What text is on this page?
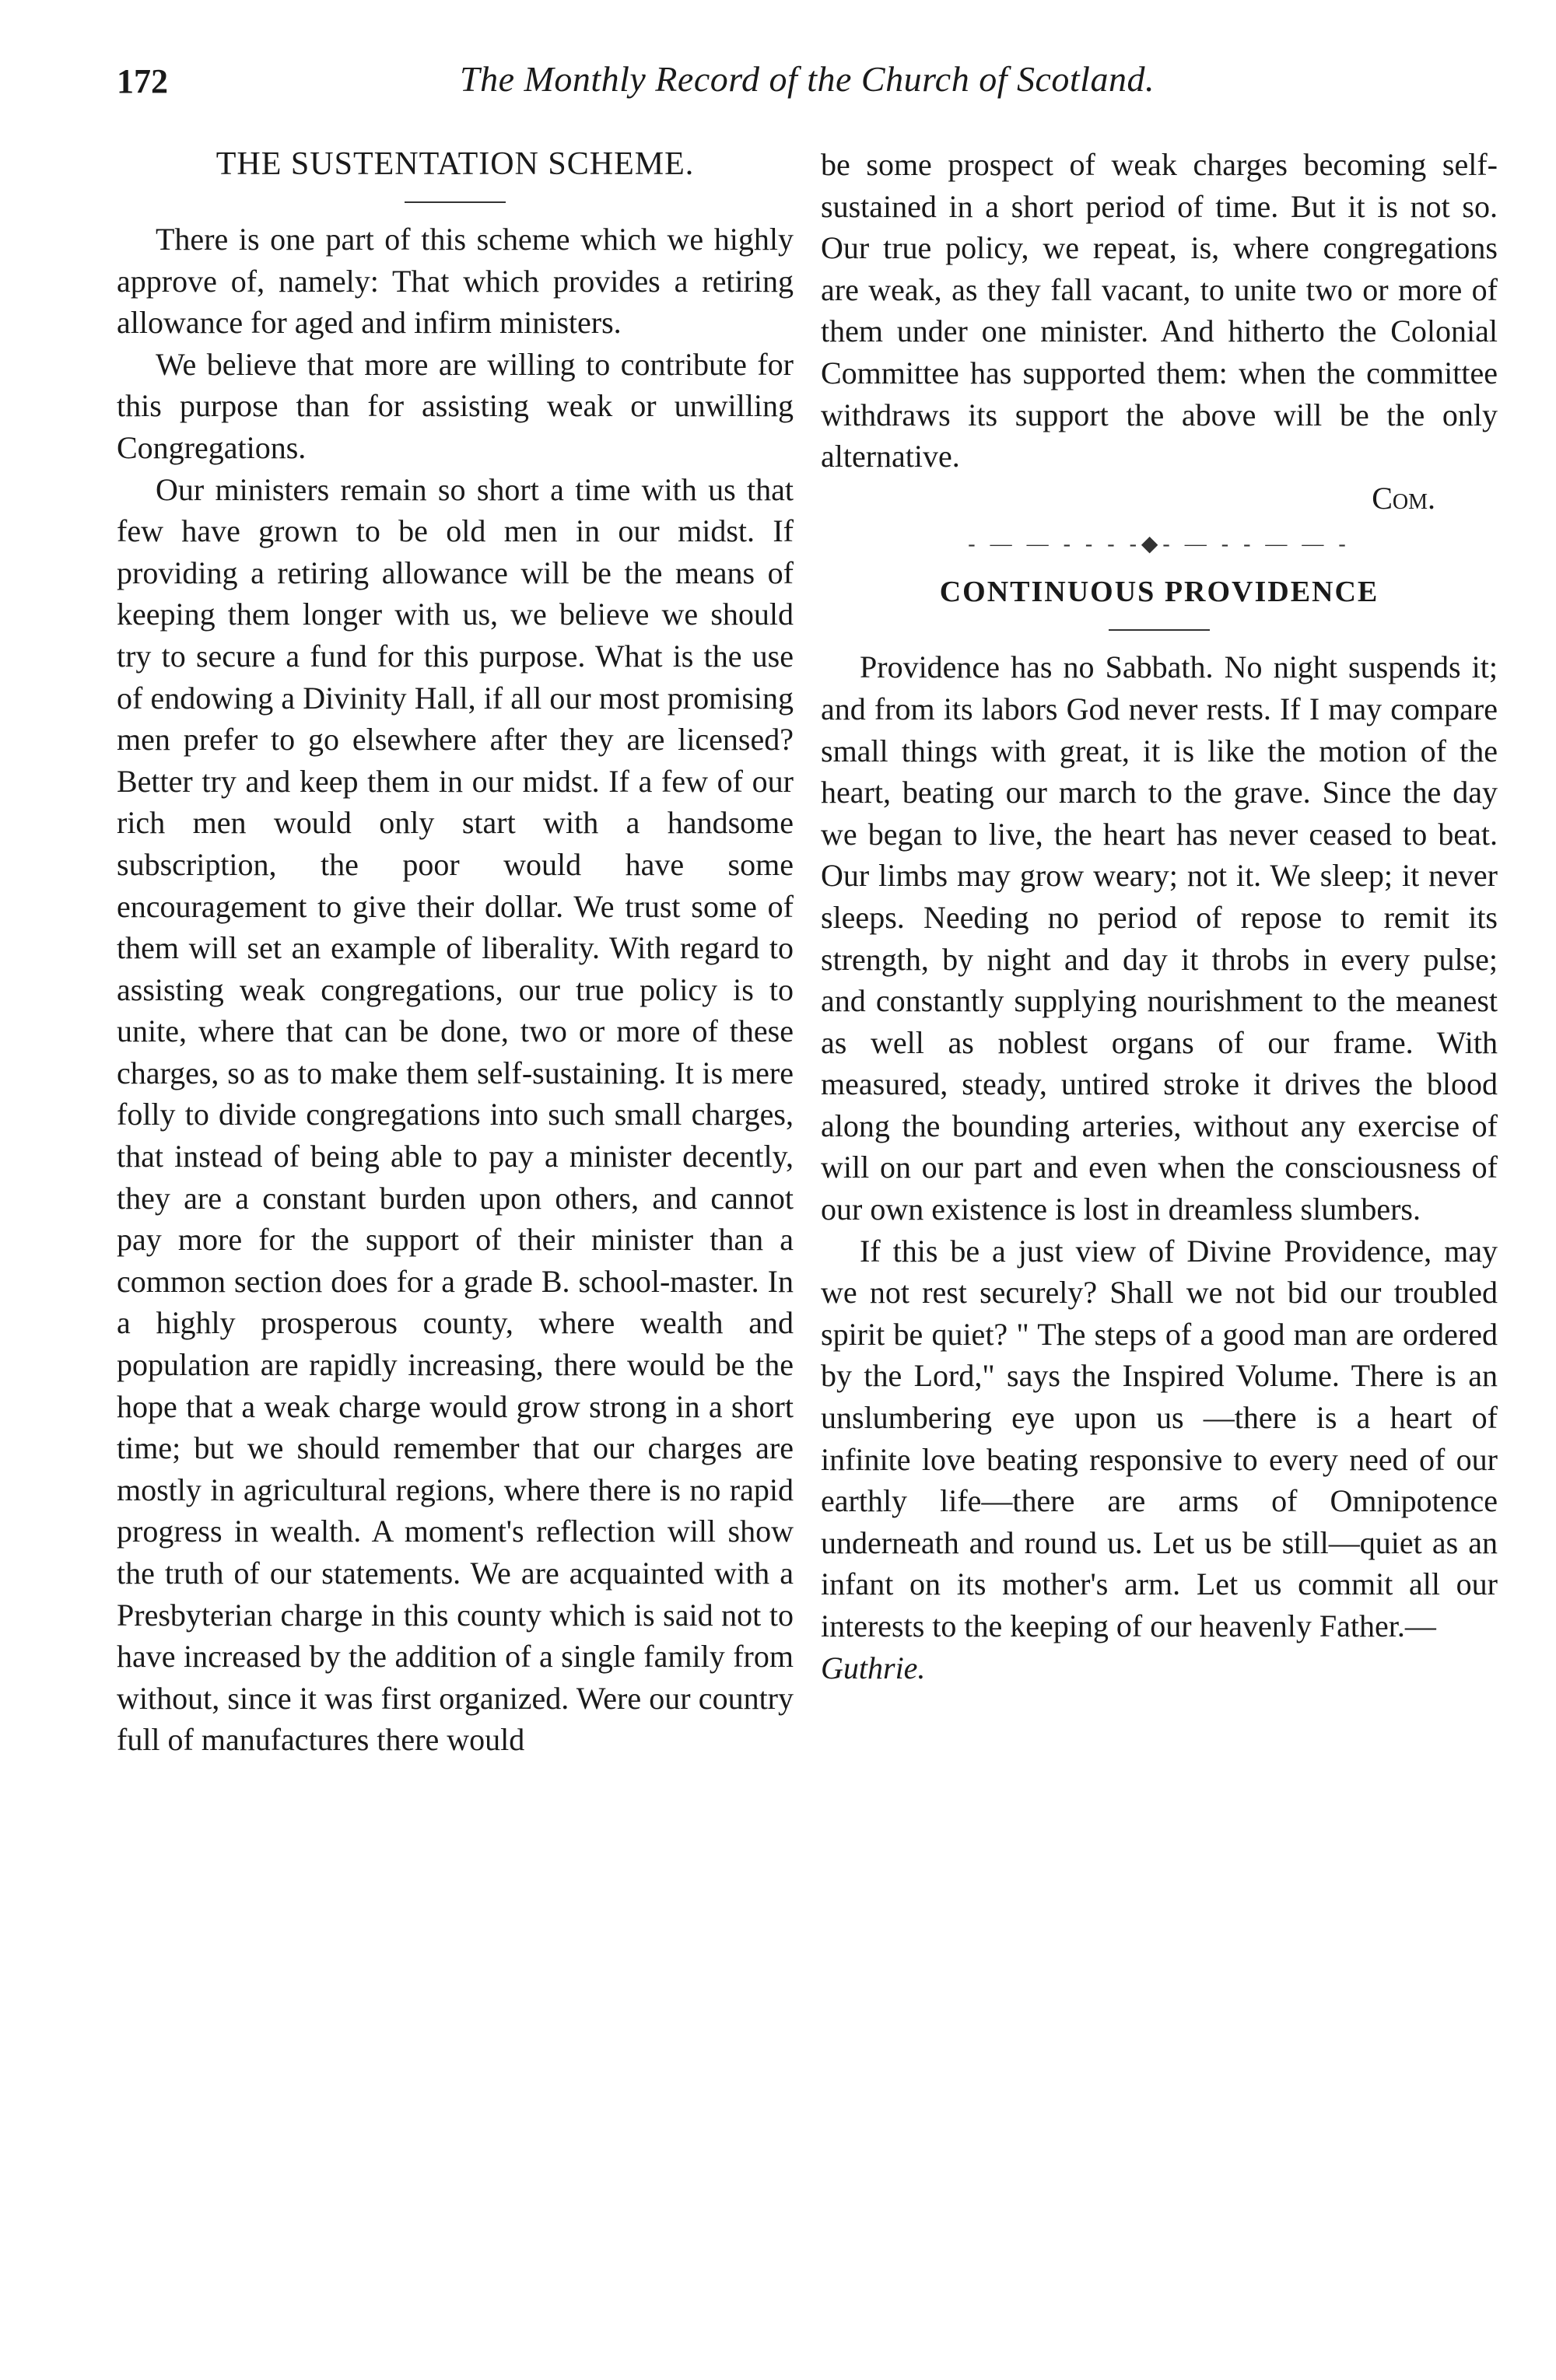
172	The Monthly Record of the Church of Scotland.
THE SUSTENTATION SCHEME.

There is one part of this scheme which we highly approve of, namely: That which provides a retiring allowance for aged and infirm ministers.

We believe that more are willing to contribute for this purpose than for assisting weak or unwilling Congregations.

Our ministers remain so short a time with us that few have grown to be old men in our midst. If providing a retiring allowance will be the means of keeping them longer with us, we believe we should try to secure a fund for this purpose. What is the use of endowing a Divinity Hall, if all our most promising men prefer to go elsewhere after they are licensed? Better try and keep them in our midst. If a few of our rich men would only start with a handsome subscription, the poor would have some encouragement to give their dollar. We trust some of them will set an example of liberality. With regard to assisting weak congregations, our true policy is to unite, where that can be done, two or more of these charges, so as to make them self-sustaining. It is mere folly to divide congregations into such small charges, that instead of being able to pay a minister decently, they are a constant burden upon others, and cannot pay more for the support of their minister than a common section does for a grade B. school-master. In a highly prosperous county, where wealth and population are rapidly increasing, there would be the hope that a weak charge would grow strong in a short time; but we should remember that our charges are mostly in agricultural regions, where there is no rapid progress in wealth. A moment's reflection will show the truth of our statements. We are acquainted with a Presbyterian charge in this county which is said not to have increased by the addition of a single family from without, since it was first organized. Were our country full of manufactures there would

be some prospect of weak charges becoming self-sustained in a short period of time. But it is not so. Our true policy, we repeat, is, where congregations are weak, as they fall vacant, to unite two or more of them under one minister. And hitherto the Colonial Committee has supported them: when the committee withdraws its support the above will be the only alternative.
Com.
- — — - - - -◆- — - - — — -
CONTINUOUS PROVIDENCE

Providence has no Sabbath. No night suspends it; and from its labors God never rests. If I may compare small things with great, it is like the motion of the heart, beating our march to the grave. Since the day we began to live, the heart has never ceased to beat. Our limbs may grow weary; not it. We sleep; it never sleeps. Needing no period of repose to remit its strength, by night and day it throbs in every pulse; and constantly supplying nourishment to the meanest as well as noblest organs of our frame. With measured, steady, untired stroke it drives the blood along the bounding arteries, without any exercise of will on our part and even when the consciousness of our own existence is lost in dreamless slumbers.

If this be a just view of Divine Providence, may we not rest securely? Shall we not bid our troubled spirit be quiet? " The steps of a good man are ordered by the Lord," says the Inspired Volume. There is an unslumbering eye upon us —there is a heart of infinite love beating responsive to every need of our earthly life—there are arms of Omnipotence underneath and round us. Let us be still—quiet as an infant on its mother's arm. Let us commit all our interests to the keeping of our heavenly Father.—

Guthrie.
